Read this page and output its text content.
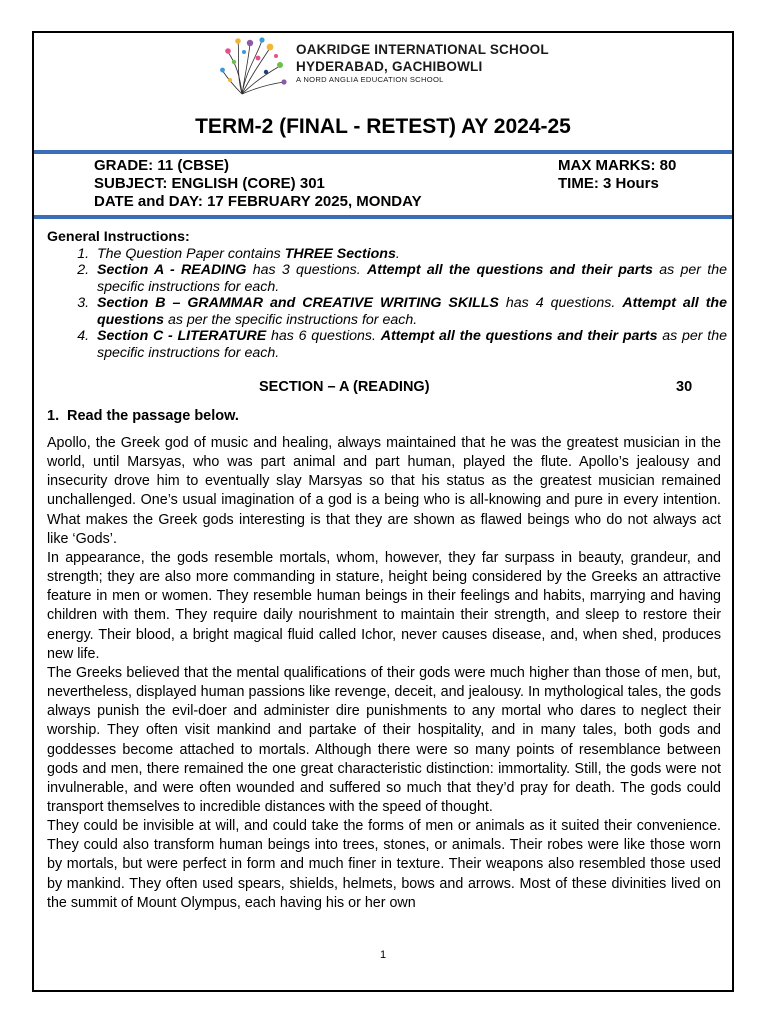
OAKRIDGE INTERNATIONAL SCHOOL
HYDERABAD, GACHIBOWLI
A NORD ANGLIA EDUCATION SCHOOL
TERM-2 (FINAL - RETEST) AY 2024-25
GRADE: 11 (CBSE)
SUBJECT: ENGLISH (CORE) 301
DATE and DAY: 17 FEBRUARY 2025, MONDAY
MAX MARKS: 80
TIME: 3 Hours
General Instructions:
1. The Question Paper contains THREE Sections.
2. Section A - READING has 3 questions. Attempt all the questions and their parts as per the specific instructions for each.
3. Section B – GRAMMAR and CREATIVE WRITING SKILLS has 4 questions. Attempt all the questions as per the specific instructions for each.
4. Section C - LITERATURE has 6 questions. Attempt all the questions and their parts as per the specific instructions for each.
SECTION – A (READING)	30
1. Read the passage below.

Apollo, the Greek god of music and healing, always maintained that he was the greatest musician in the world, until Marsyas, who was part animal and part human, played the flute. Apollo’s jealousy and insecurity drove him to eventually slay Marsyas so that his status as the greatest musician remained unchallenged. One’s usual imagination of a god is a being who is all-knowing and pure in every intention. What makes the Greek gods interesting is that they are shown as flawed beings who do not always act like ‘Gods’.

In appearance, the gods resemble mortals, whom, however, they far surpass in beauty, grandeur, and strength; they are also more commanding in stature, height being considered by the Greeks an attractive feature in men or women. They resemble human beings in their feelings and habits, marrying and having children with them. They require daily nourishment to maintain their strength, and sleep to restore their energy. Their blood, a bright magical fluid called Ichor, never causes disease, and, when shed, produces new life.

The Greeks believed that the mental qualifications of their gods were much higher than those of men, but, nevertheless, displayed human passions like revenge, deceit, and jealousy. In mythological tales, the gods always punish the evil-doer and administer dire punishments to any mortal who dares to neglect their worship. They often visit mankind and partake of their hospitality, and in many tales, both gods and goddesses become attached to mortals. Although there were so many points of resemblance between gods and men, there remained the one great characteristic distinction: immortality. Still, the gods were not invulnerable, and were often wounded and suffered so much that they’d pray for death. The gods could transport themselves to incredible distances with the speed of thought.

They could be invisible at will, and could take the forms of men or animals as it suited their convenience. They could also transform human beings into trees, stones, or animals. Their robes were like those worn by mortals, but were perfect in form and much finer in texture. Their weapons also resembled those used by mankind. They often used spears, shields, helmets, bows and arrows. Most of these divinities lived on the summit of Mount Olympus, each having his or her own

1
